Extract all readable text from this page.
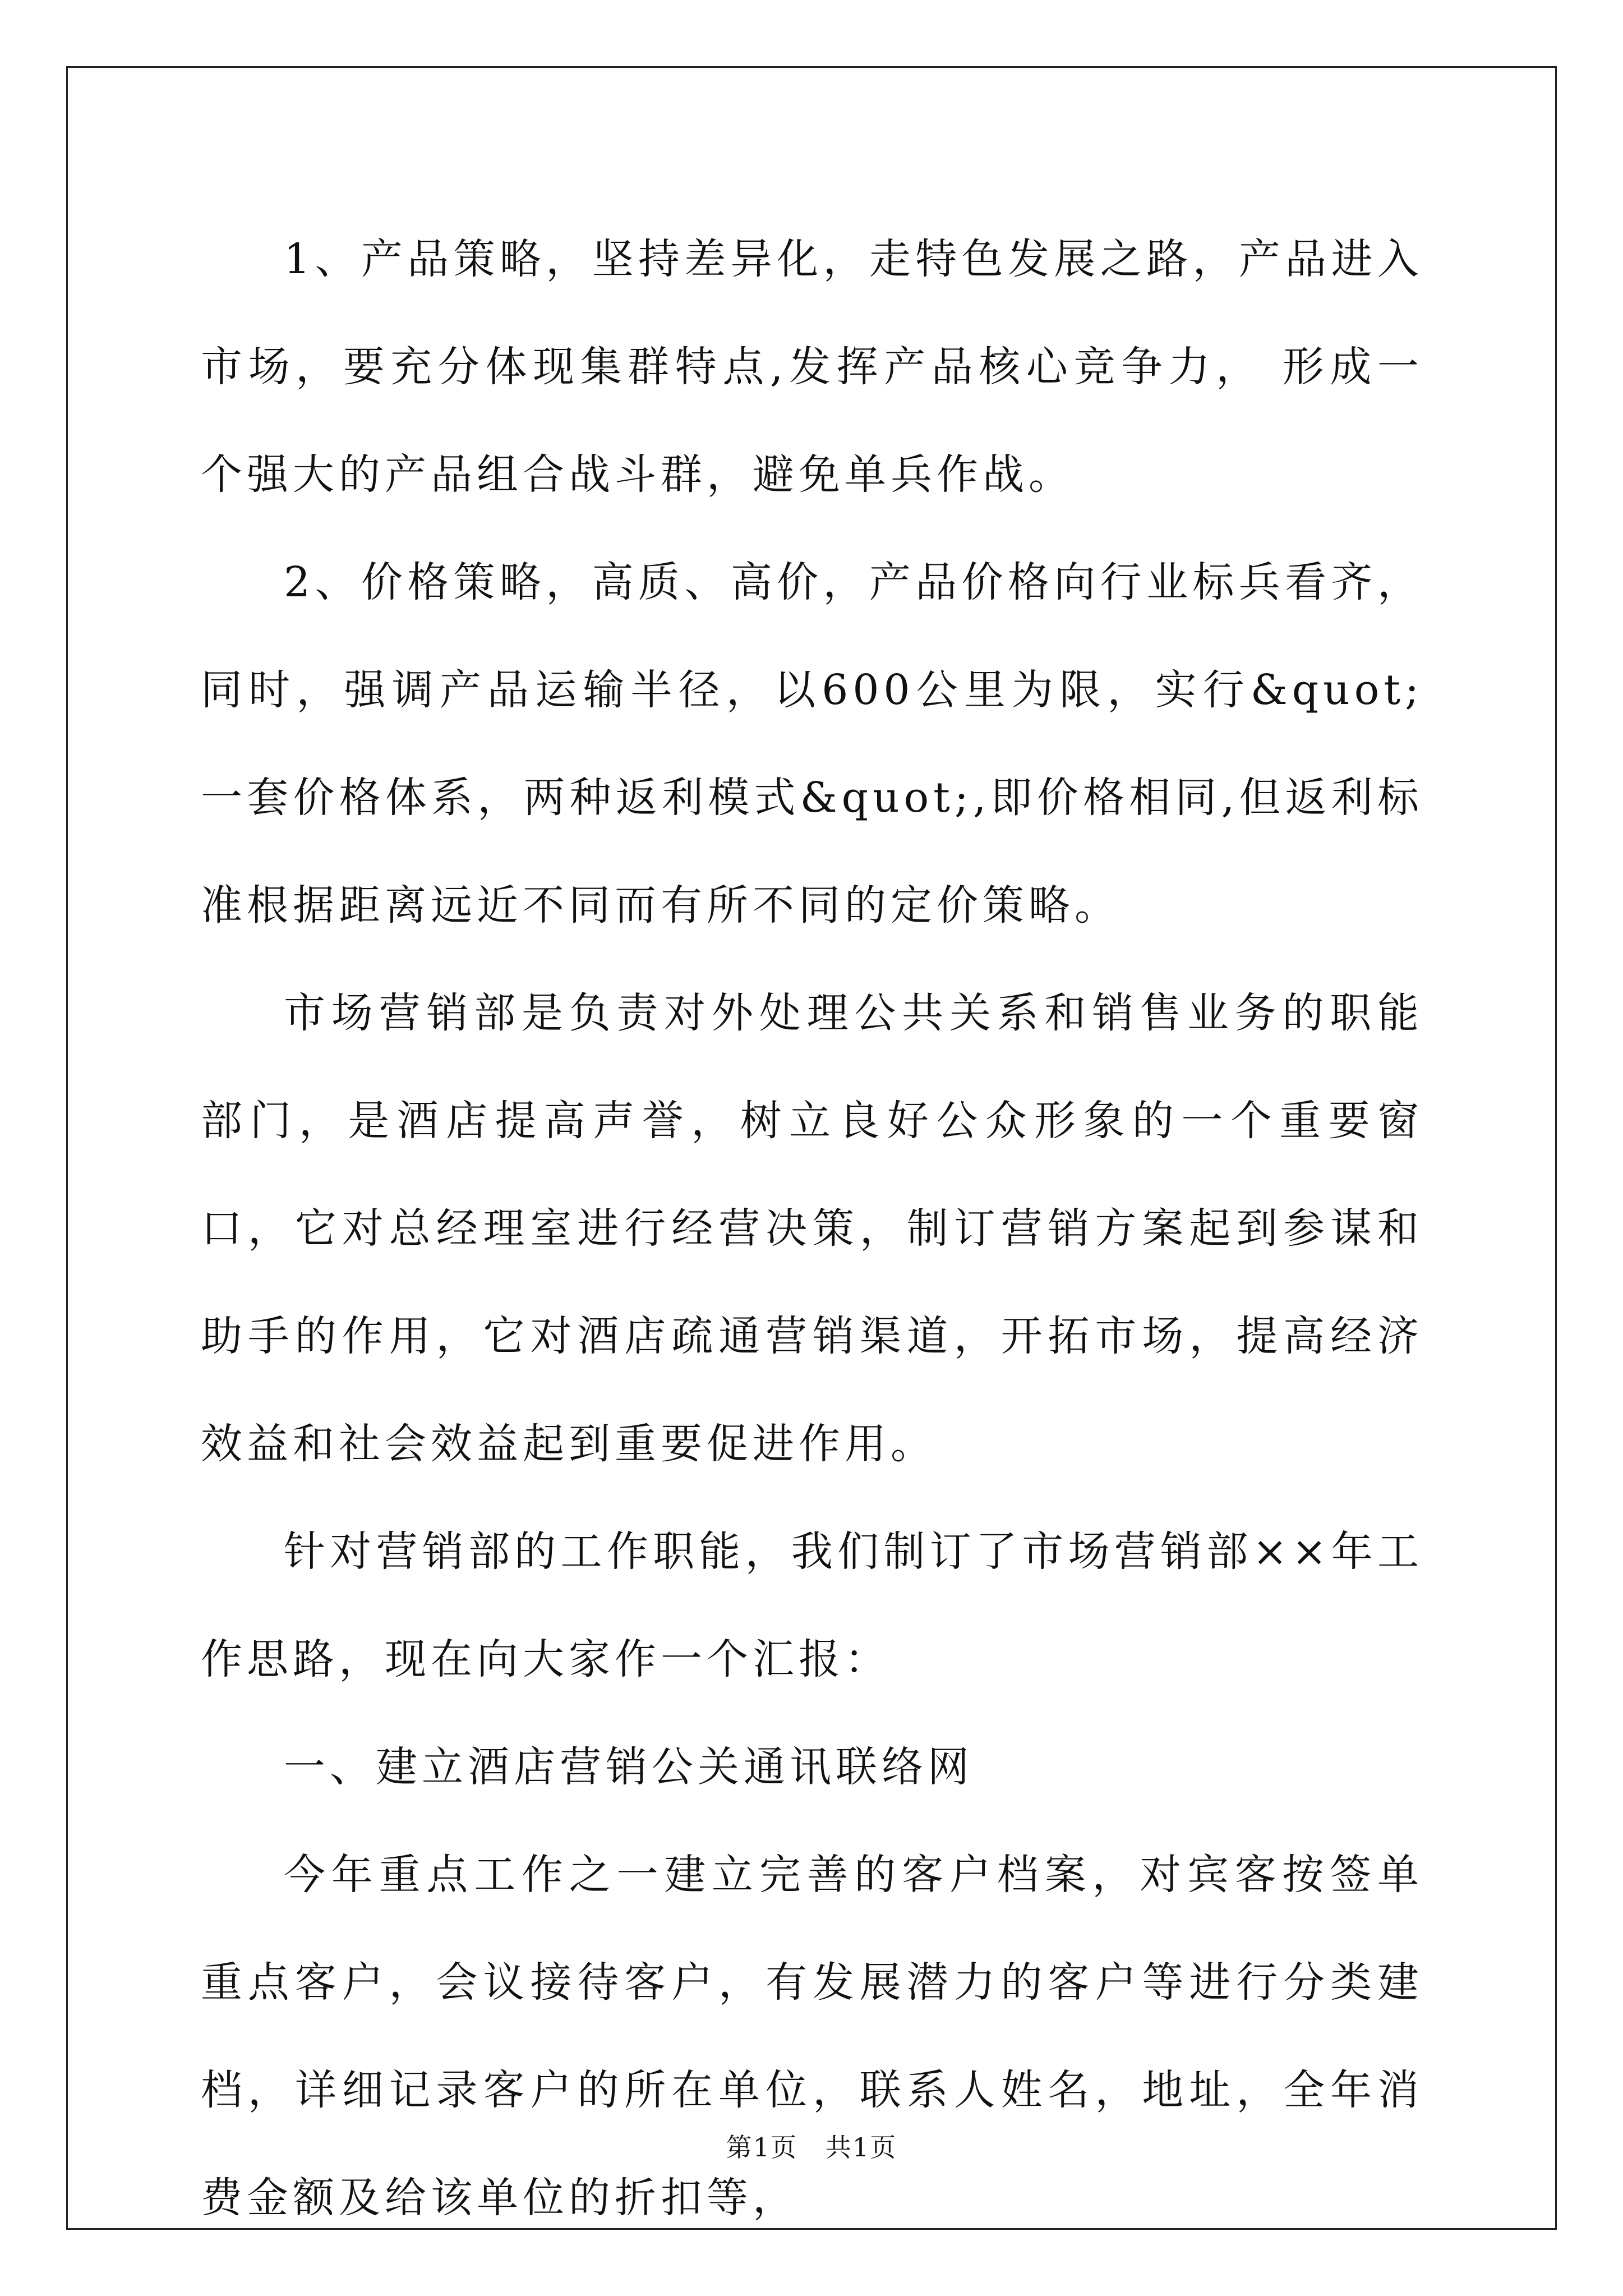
1、产品策略，坚持差异化，走特色发展之路，产品进入市场，要充分体现集群特点,发挥产品核心竞争力， 形成一个强大的产品组合战斗群，避免单兵作战。

2、价格策略，高质、高价，产品价格向行业标兵看齐，同时，强调产品运输半径，以600公里为限，实行&quot;一套价格体系，两种返利模式&quot;,即价格相同,但返利标准根据距离远近不同而有所不同的定价策略。

市场营销部是负责对外处理公共关系和销售业务的职能部门，是酒店提高声誉，树立良好公众形象的一个重要窗口，它对总经理室进行经营决策，制订营销方案起到参谋和助手的作用，它对酒店疏通营销渠道，开拓市场，提高经济效益和社会效益起到重要促进作用。

针对营销部的工作职能，我们制订了市场营销部××年工作思路，现在向大家作一个汇报：

一、建立酒店营销公关通讯联络网

今年重点工作之一建立完善的客户档案，对宾客按签单重点客户，会议接待客户，有发展潜力的客户等进行分类建档，详细记录客户的所在单位，联系人姓名，地址，全年消费金额及给该单位的折扣等，

第1页   共1页
